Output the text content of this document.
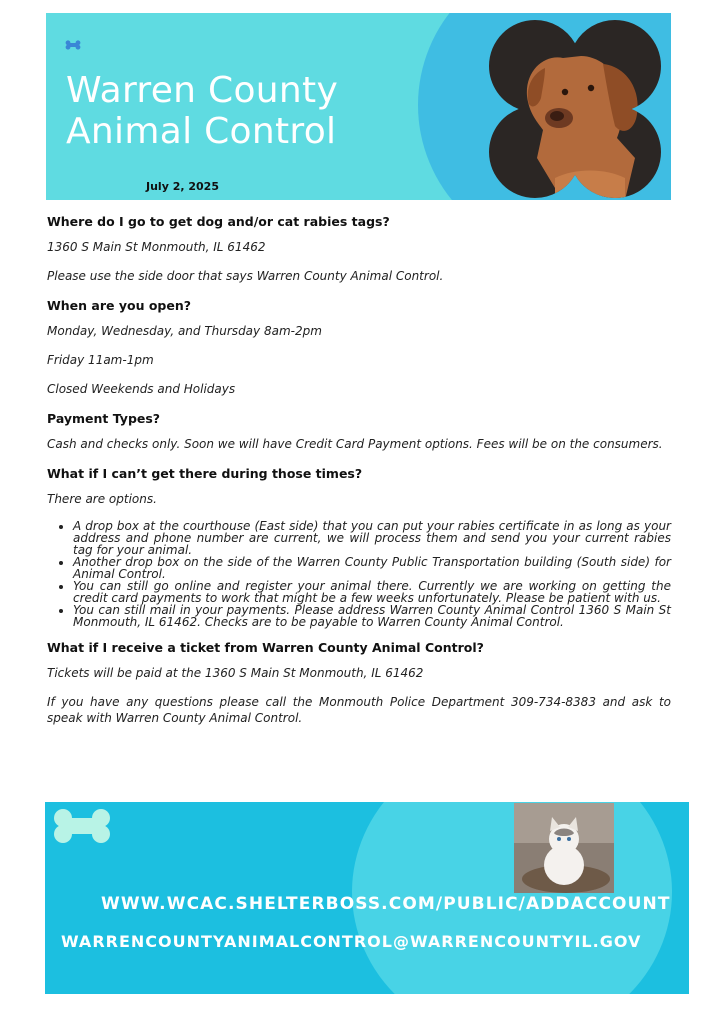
Warren County
Animal Control
July 2, 2025
Where do I go to get dog and/or cat rabies tags?

1360 S Main St Monmouth, IL 61462

Please use the side door that says Warren County Animal Control.

When are you open?

Monday, Wednesday, and Thursday 8am-2pm

Friday 11am-1pm

Closed Weekends and Holidays

Payment Types?

Cash and checks only. Soon we will have Credit Card Payment options. Fees will be on the consumers.

What if I can’t get there during those times?

There are options.

• A drop box at the courthouse (East side) that you can put your rabies certificate in as long as your address and phone number are current, we will process them and send you your current rabies tag for your animal.
• Another drop box on the side of the Warren County Public Transportation building (South side) for Animal Control.
• You can still go online and register your animal there. Currently we are working on getting the credit card payments to work that might be a few weeks unfortunately. Please be patient with us.
• You can still mail in your payments. Please address Warren County Animal Control 1360 S Main St Monmouth, IL 61462. Checks are to be payable to Warren County Animal Control.
What if I receive a ticket from Warren County Animal Control?

Tickets will be paid at the 1360 S Main St Monmouth, IL 61462

If you have any questions please call the Monmouth Police Department 309-734-8383 and ask to speak with Warren County Animal Control.

WWW.WCAC.SHELTERBOSS.COM/PUBLIC/ADDACCOUNT
WARRENCOUNTYANIMALCONTROL@WARRENCOUNTYIL.GOV
